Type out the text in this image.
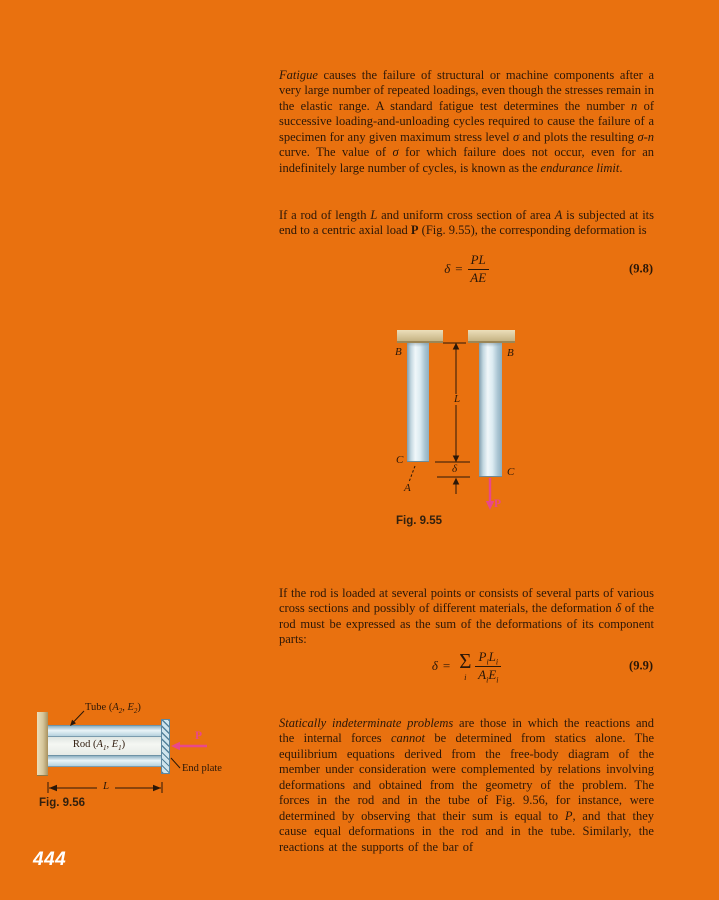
Fatigue causes the failure of structural or machine components after a very large number of repeated loadings, even though the stresses remain in the elastic range. A standard fatigue test determines the number n of successive loading-and-unloading cycles required to cause the failure of a specimen for any given maximum stress level σ and plots the resulting σ-n curve. The value of σ for which failure does not occur, even for an indefinitely large number of cycles, is known as the endurance limit.

If a rod of length L and uniform cross section of area A is subjected at its end to a centric axial load P (Fig. 9.55), the corresponding deformation is

$\delta = \frac{PL}{AE}$	(9.8)
B	B
C
C
A
L
δ
P
Fig. 9.55

If the rod is loaded at several points or consists of several parts of various cross sections and possibly of different materials, the deformation δ of the rod must be expressed as the sum of the deformations of its component parts:

δ = Σ
i $\frac{P_iL_i}{A_iE_i}$	(9.9)
Tube ($A_2$, $E_2$)
Rod ($A_1$, $E_1$)
End plate
L
P
Fig. 9.56

Statically indeterminate problems are those in which the reactions and the internal forces cannot be determined from statics alone. The equilibrium equations derived from the free-body diagram of the member under consideration were complemented by relations involving deformations and obtained from the geometry of the problem. The forces in the rod and in the tube of Fig. 9.56, for instance, were determined by observing that their sum is equal to P, and that they cause equal deformations in the rod and in the tube. Similarly, the reactions at the supports of the bar of

444
